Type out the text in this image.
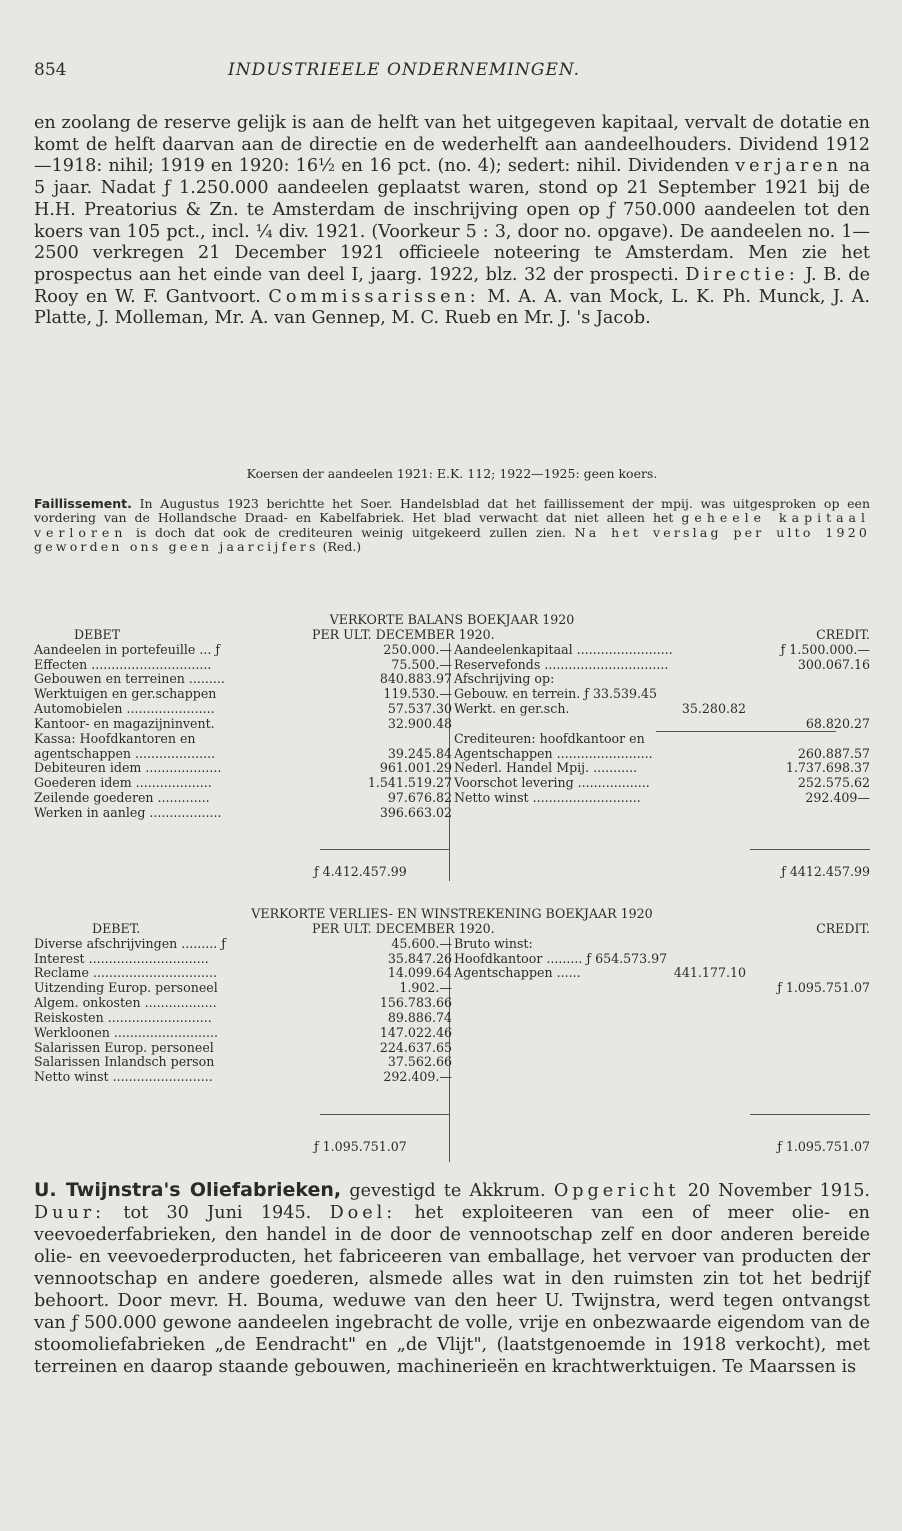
854	INDUSTRIEELE ONDERNEMINGEN.

en zoolang de reserve gelijk is aan de helft van het uitgegeven kapitaal, vervalt de dotatie en komt de helft daarvan aan de directie en de wederhelft aan aandeelhouders. Dividend 1912—1918: nihil; 1919 en 1920: 16½ en 16 pct. (no. 4); sedert: nihil. Dividenden verjaren na 5 jaar. Nadat ƒ 1.250.000 aandeelen geplaatst waren, stond op 21 September 1921 bij de H.H. Preatorius & Zn. te Amsterdam de inschrijving open op ƒ 750.000 aandeelen tot den koers van 105 pct., incl. ¼ div. 1921. (Voorkeur 5 : 3, door no. opgave). De aandeelen no. 1—2500 verkregen 21 December 1921 officieele noteering te Amsterdam. Men zie het prospectus aan het einde van deel I, jaarg. 1922, blz. 32 der prospecti. Directie: J. B. de Rooy en W. F. Gantvoort. Commissarissen: M. A. A. van Mock, L. K. Ph. Munck, J. A. Platte, J. Molleman, Mr. A. van Gennep, M. C. Rueb en Mr. J. 's Jacob.

Koersen der aandeelen 1921: E.K. 112; 1922—1925: geen koers.
Faillissement. In Augustus 1923 berichtte het Soer. Handelsblad dat het faillissement der mpij. was uitgesproken op een vordering van de Hollandsche Draad- en Kabelfabriek. Het blad verwacht dat niet alleen het geheele kapitaal verloren is doch dat ook de crediteuren weinig uitgekeerd zullen zien. Na het verslag per ulto 1920 geworden ons geen jaarcijfers (Red.)
VERKORTE BALANS BOEKJAAR 1920
DEBET	PER ULT. DECEMBER 1920.	CREDIT.
Aandeelen in portefeuille ... ƒ	250.000.—
Effecten ..............................	75.500.—
Gebouwen en terreinen .........	840.883.97
Werktuigen en ger.schappen	119.530.—
Automobielen ......................	57.537.30
Kantoor- en magazijninvent.	32.900.48
Kassa: Hoofdkantoren en
agentschappen ....................	39.245.84
Debiteuren idem ...................	961.001.29
Goederen idem ...................	1.541.519.27
Zeilende goederen .............	97.676.82
Werken in aanleg ..................	396.663.02
Aandeelenkapitaal ........................	ƒ 1.500.000.—
Reservefonds ...............................	300.067.16
Afschrijving op:
Gebouw. en terrein. ƒ 33.539.45
Werkt. en ger.sch.	35.280.82
68.820.27
Crediteuren: hoofdkantoor en
Agentschappen ........................	260.887.57
Nederl. Handel Mpij. ...........	1.737.698.37
Voorschot levering ..................	252.575.62
Netto winst ...........................	292.409—
ƒ 4.412.457.99	ƒ 4412.457.99
VERKORTE VERLIES- EN WINSTREKENING BOEKJAAR 1920
DEBET.	PER ULT. DECEMBER 1920.	CREDIT.
Diverse afschrijvingen ......... ƒ	45.600.—
Interest ..............................	35.847.26
Reclame ...............................	14.099.64
Uitzending Europ. personeel	1.902.—
Algem. onkosten ..................	156.783.66
Reiskosten ..........................	89.886.74
Werkloonen ..........................	147.022.46
Salarissen Europ. personeel	224.637.65
Salarissen Inlandsch person	37.562.66
Netto winst .........................	292.409.—
Bruto winst:
Hoofdkantoor ......... ƒ 654.573.97
Agentschappen ......	441.177.10
ƒ 1.095.751.07
ƒ 1.095.751.07	ƒ 1.095.751.07
U. Twijnstra's Oliefabrieken, gevestigd te Akkrum. Opgericht 20 November 1915. Duur: tot 30 Juni 1945. Doel: het exploiteeren van een of meer olie- en veevoederfabrieken, den handel in de door de vennootschap zelf en door anderen bereide olie- en veevoederproducten, het fabriceeren van emballage, het vervoer van producten der vennootschap en andere goederen, alsmede alles wat in den ruimsten zin tot het bedrijf behoort. Door mevr. H. Bouma, weduwe van den heer U. Twijnstra, werd tegen ontvangst van ƒ 500.000 gewone aandeelen ingebracht de volle, vrije en onbezwaarde eigendom van de stoomoliefabrieken „de Eendracht" en „de Vlijt", (laatstgenoemde in 1918 verkocht), met terreinen en daarop staande gebouwen, machinerieën en krachtwerktuigen. Te Maarssen is
